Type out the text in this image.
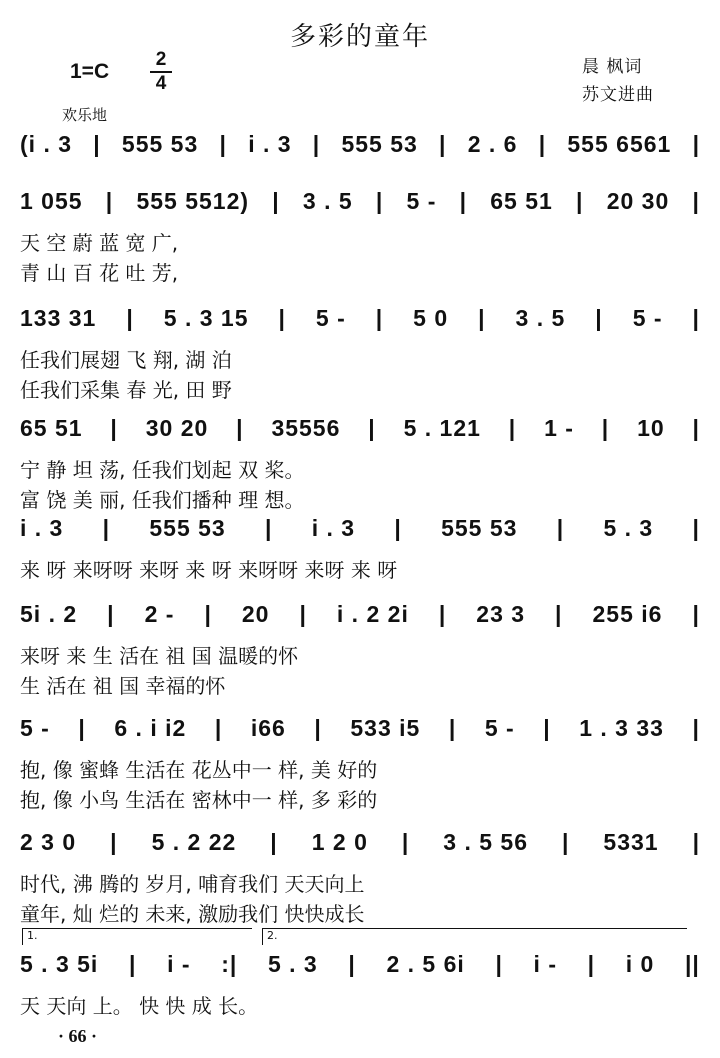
多彩的童年
1=C
2
4
晨 枫词
苏文进曲
欢乐地
(i . 3 | 555 53 | i . 3 | 555 53 | 2 . 6 | 555 6561 |
1 055 | 555 5512) | 3 . 5 | 5 - | 65 51 | 20 30 |
天 空 蔚 蓝 宽 广,
青 山 百 花 吐 芳,
133 31 | 5 . 3 15 | 5 - | 5 0 | 3 . 5 | 5 - |
任我们展翅 飞 翔, 湖 泊
任我们采集 春 光, 田 野
65 51 | 30 20 | 35556 | 5 . 121 | 1 - | 10 |
宁 静 坦 荡, 任我们划起 双 桨。
富 饶 美 丽, 任我们播种 理 想。
i . 3 | 555 53 | i . 3 | 555 53 | 5 . 3 |
来 呀 来呀呀 来呀 来 呀 来呀呀 来呀 来 呀
5i . 2 | 2 - | 20 | i . 2 2i | 23 3 | 255 i6 |
来呀 来 生 活在 祖 国 温暖的怀
生 活在 祖 国 幸福的怀
5 - | 6 . i i2 | i66 | 533 i5 | 5 - | 1 . 3 33 |
抱, 像 蜜蜂 生活在 花丛中一 样, 美 好的
抱, 像 小鸟 生活在 密林中一 样, 多 彩的
2 3 0 | 5 . 2 22 | 1 2 0 | 3 . 5 56 | 5331 |
时代, 沸 腾的 岁月, 哺育我们 天天向上
童年, 灿 烂的 未来, 激励我们 快快成长
5 . 3 5i | i - :| 5 . 3 | 2 . 5 6i | i - | i 0 ||
天 天向 上。 快 快 成 长。
1.	2.
· 66 ·
